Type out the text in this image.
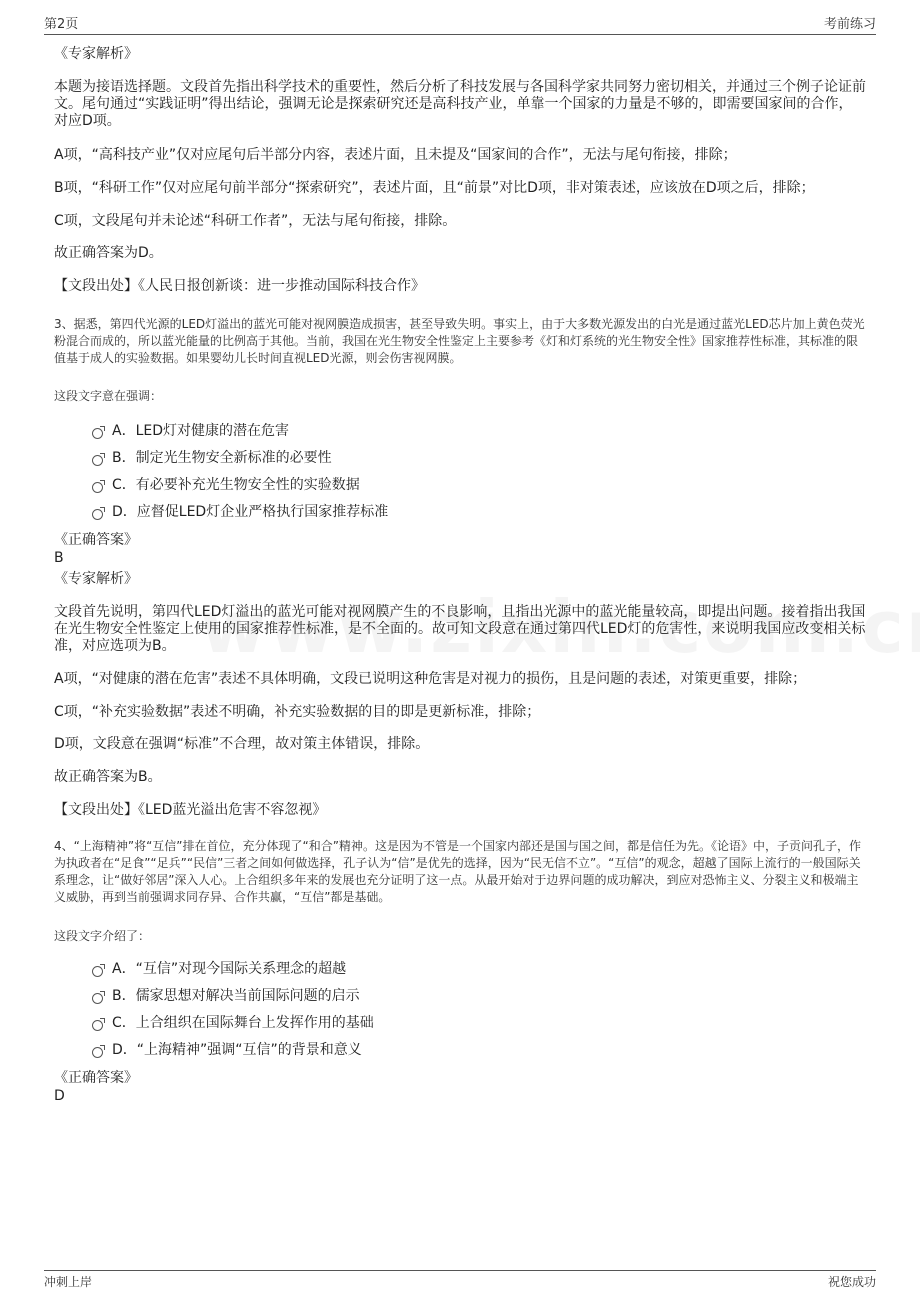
第2页	考前练习
《专家解析》
本题为接语选择题。文段首先指出科学技术的重要性，然后分析了科技发展与各国科学家共同努力密切相关，并通过三个例子论证前文。尾句通过“实践证明”得出结论，强调无论是探索研究还是高科技产业，单靠一个国家的力量是不够的，即需要国家间的合作，对应D项。
A项，“高科技产业”仅对应尾句后半部分内容，表述片面，且未提及“国家间的合作”，无法与尾句衔接，排除；
B项，“科研工作”仅对应尾句前半部分“探索研究”，表述片面，且“前景”对比D项，非对策表述，应该放在D项之后，排除；
C项，文段尾句并未论述“科研工作者”，无法与尾句衔接，排除。
故正确答案为D。
【文段出处】《人民日报创新谈：进一步推动国际科技合作》
3、据悉，第四代光源的LED灯溢出的蓝光可能对视网膜造成损害，甚至导致失明。事实上，由于大多数光源发出的白光是通过蓝光LED芯片加上黄色荧光粉混合而成的，所以蓝光能量的比例高于其他。当前，我国在光生物安全性鉴定上主要参考《灯和灯系统的光生物安全性》国家推荐性标准，其标准的限值基于成人的实验数据。如果婴幼儿长时间直视LED光源，则会伤害视网膜。
这段文字意在强调：
A．LED灯对健康的潜在危害
B．制定光生物安全新标准的必要性
C．有必要补充光生物安全性的实验数据
D．应督促LED灯企业严格执行国家推荐标准
《正确答案》
B
《专家解析》
文段首先说明，第四代LED灯溢出的蓝光可能对视网膜产生的不良影响，且指出光源中的蓝光能量较高，即提出问题。接着指出我国在光生物安全性鉴定上使用的国家推荐性标准，是不全面的。故可知文段意在通过第四代LED灯的危害性，来说明我国应改变相关标准，对应选项为B。
A项，“对健康的潜在危害”表述不具体明确，文段已说明这种危害是对视力的损伤，且是问题的表述，对策更重要，排除；
C项，“补充实验数据”表述不明确，补充实验数据的目的即是更新标准，排除；
D项，文段意在强调“标准”不合理，故对策主体错误，排除。
故正确答案为B。
【文段出处】《LED蓝光溢出危害不容忽视》
4、“上海精神”将“互信”排在首位，充分体现了“和合”精神。这是因为不管是一个国家内部还是国与国之间，都是信任为先。《论语》中，子贡问孔子，作为执政者在“足食”“足兵”“民信”三者之间如何做选择，孔子认为“信”是优先的选择，因为“民无信不立”。“互信”的观念，超越了国际上流行的一般国际关系理念，让“做好邻居”深入人心。上合组织多年来的发展也充分证明了这一点。从最开始对于边界问题的成功解决，到应对恐怖主义、分裂主义和极端主义威胁，再到当前强调求同存异、合作共赢，“互信”都是基础。
这段文字介绍了：
A．“互信”对现今国际关系理念的超越
B．儒家思想对解决当前国际问题的启示
C．上合组织在国际舞台上发挥作用的基础
D．“上海精神”强调“互信”的背景和意义
《正确答案》
D
冲刺上岸	祝您成功
